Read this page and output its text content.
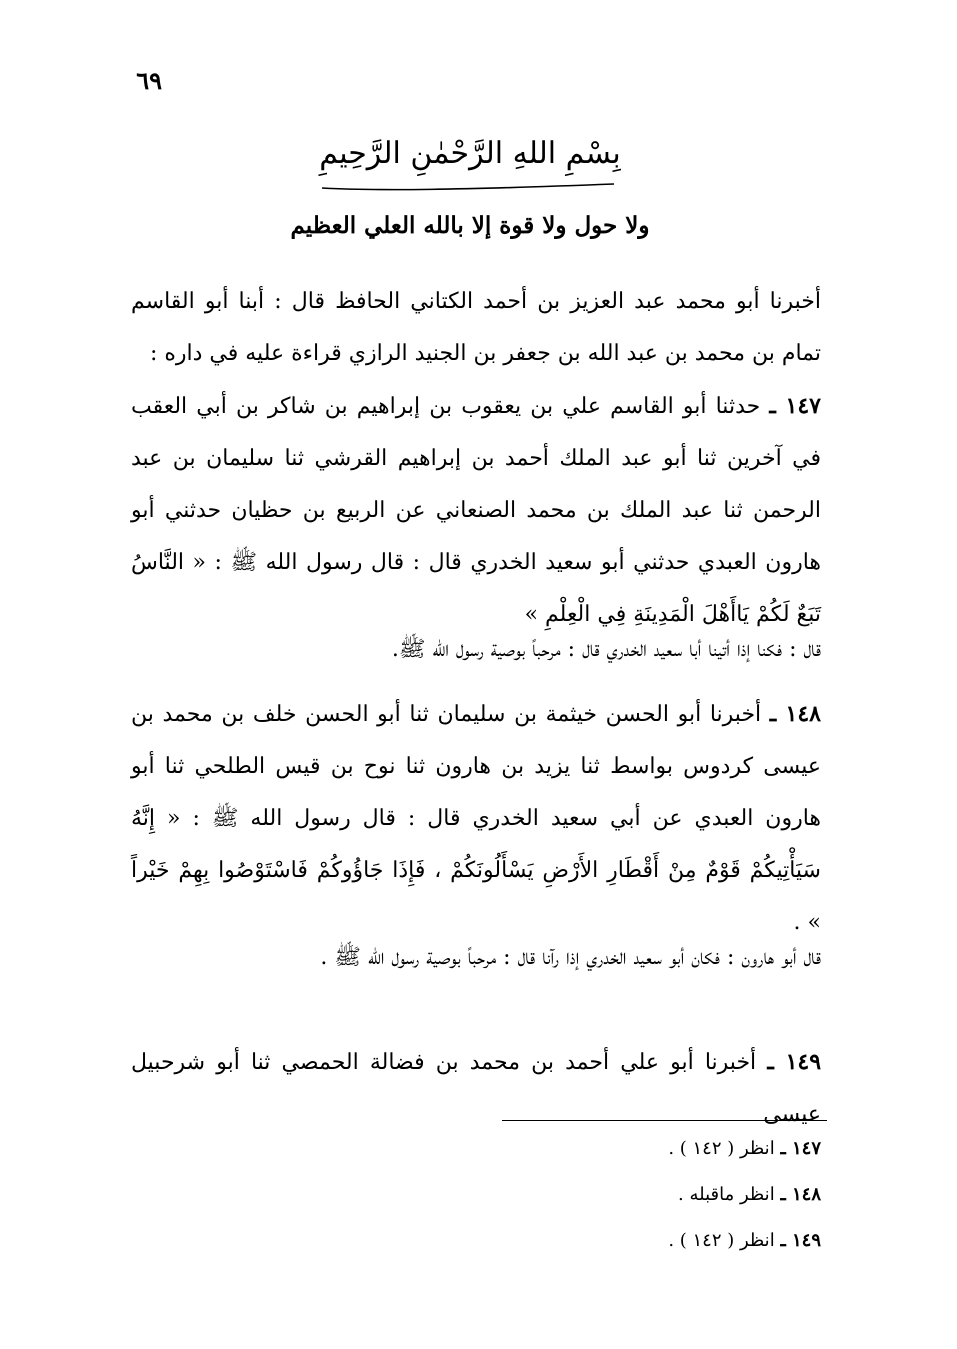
٦٩
بِسْمِ اللهِ الرَّحْمٰنِ الرَّحِيمِ
ولا حول ولا قوة إلا بالله العلي العظيم

أخبرنا أبو محمد عبد العزيز بن أحمد الكتاني الحافظ قال : أبنا أبو القاسم تمام بن محمد بن عبد الله بن جعفر بن الجنيد الرازي قراءة عليه في داره :

١٤٧ ـ حدثنا أبو القاسم علي بن يعقوب بن إبراهيم بن شاكر بن أبي العقب في آخرين ثنا أبو عبد الملك أحمد بن إبراهيم القرشي ثنا سليمان بن عبد الرحمن ثنا عبد الملك بن محمد الصنعاني عن الربيع بن حظيان حدثني أبو هارون العبدي حدثني أبو سعيد الخدري قال : قال رسول الله ﷺ : « النَّاسُ تَبَعٌ لَكُمْ يَاأَهْلَ الْمَدِينَةِ فِي الْعِلْمِ »

قال : فكنا إذا أتينا أبا سعيد الخدري قال : مرحباً بوصية رسول الله ﷺ.

١٤٨ ـ أخبرنا أبو الحسن خيثمة بن سليمان ثنا أبو الحسن خلف بن محمد بن عيسى كردوس بواسط ثنا يزيد بن هارون ثنا نوح بن قيس الطلحي ثنا أبو هارون العبدي عن أبي سعيد الخدري قال : قال رسول الله ﷺ : « إِنَّهُ سَيَأْتِيكُمْ قَوْمٌ مِنْ أَقْطَارِ الأَرْضِ يَسْأَلُونَكُمْ ، فَإِذَا جَاؤُوكُمْ فَاسْتَوْصُوا بِهِمْ خَيْراً » .

قال أبو هارون : فكان أبو سعيد الخدري إذا رآنا قال : مرحباً بوصية رسول الله ﷺ .

١٤٩ ـ أخبرنا أبو علي أحمد بن محمد بن فضالة الحمصي ثنا أبو شرحبيل عيسى

١٤٧ ـ انظر ( ١٤٢ ) .
١٤٨ ـ انظر ماقبله .
١٤٩ ـ انظر ( ١٤٢ ) .
